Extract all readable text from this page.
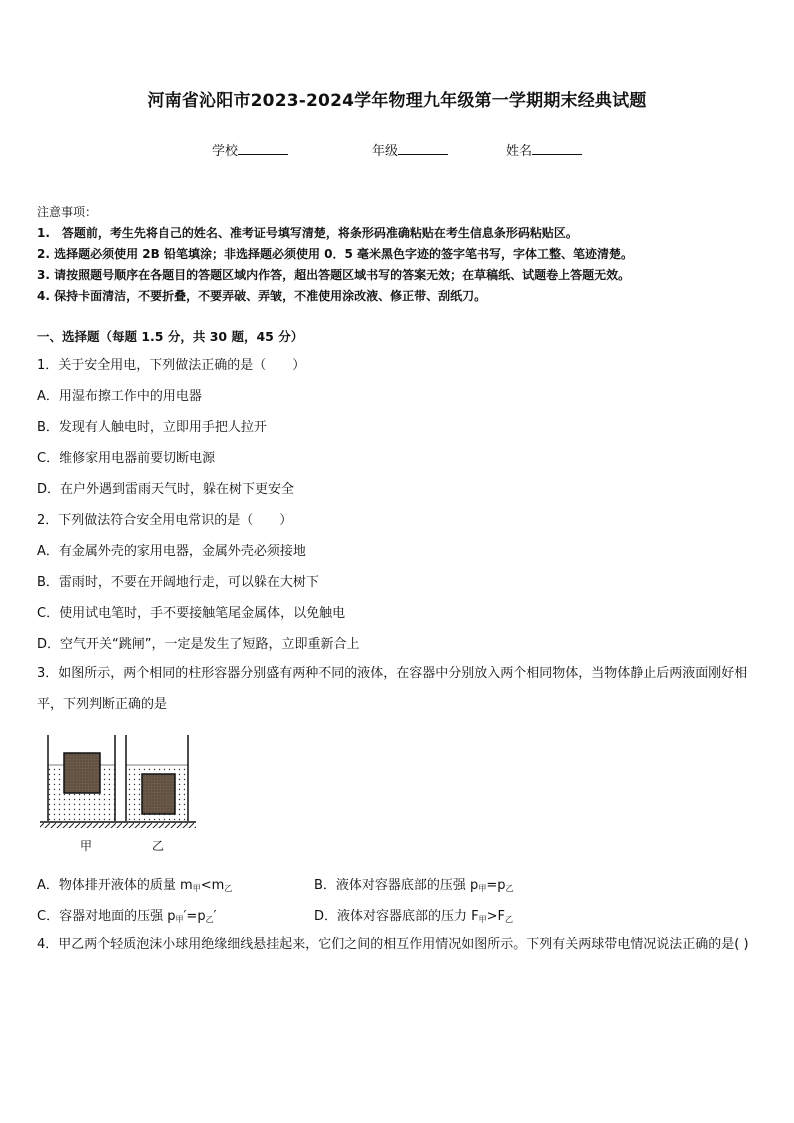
河南省沁阳市2023-2024学年物理九年级第一学期期末经典试题
学校	年级	姓名
注意事项：
1.　答题前，考生先将自己的姓名、准考证号填写清楚，将条形码准确粘贴在考生信息条形码粘贴区。
2. 选择题必须使用 2B 铅笔填涂；非选择题必须使用 0．5 毫米黑色字迹的签字笔书写，字体工整、笔迹清楚。
3. 请按照题号顺序在各题目的答题区域内作答，超出答题区域书写的答案无效；在草稿纸、试题卷上答题无效。
4. 保持卡面清洁，不要折叠，不要弄破、弄皱，不准使用涂改液、修正带、刮纸刀。
一、选择题（每题 1.5 分，共 30 题，45 分）
1．关于安全用电，下列做法正确的是（　　）
A．用湿布擦工作中的用电器
B．发现有人触电时，立即用手把人拉开
C．维修家用电器前要切断电源
D．在户外遇到雷雨天气时，躲在树下更安全
2．下列做法符合安全用电常识的是（　　）
A．有金属外壳的家用电器，金属外壳必须接地
B．雷雨时，不要在开阔地行走，可以躲在大树下
C．使用试电笔时，手不要接触笔尾金属体，以免触电
D．空气开关“跳闸”，一定是发生了短路，立即重新合上
3．如图所示，两个相同的柱形容器分别盛有两种不同的液体，在容器中分别放入两个相同物体，当物体静止后两液面刚好相平，下列判断正确的是
甲	乙
A．物体排开液体的质量 $m_甲<m_乙$	B．液体对容器底部的压强 $p_甲=p_乙$
C．容器对地面的压强 $p_甲'=p_乙'$	D．液体对容器底部的压力 $F_甲>F_乙$
4．甲乙两个轻质泡沫小球用绝缘细线悬挂起来，它们之间的相互作用情况如图所示。下列有关两球带电情况说法正确的是( )
